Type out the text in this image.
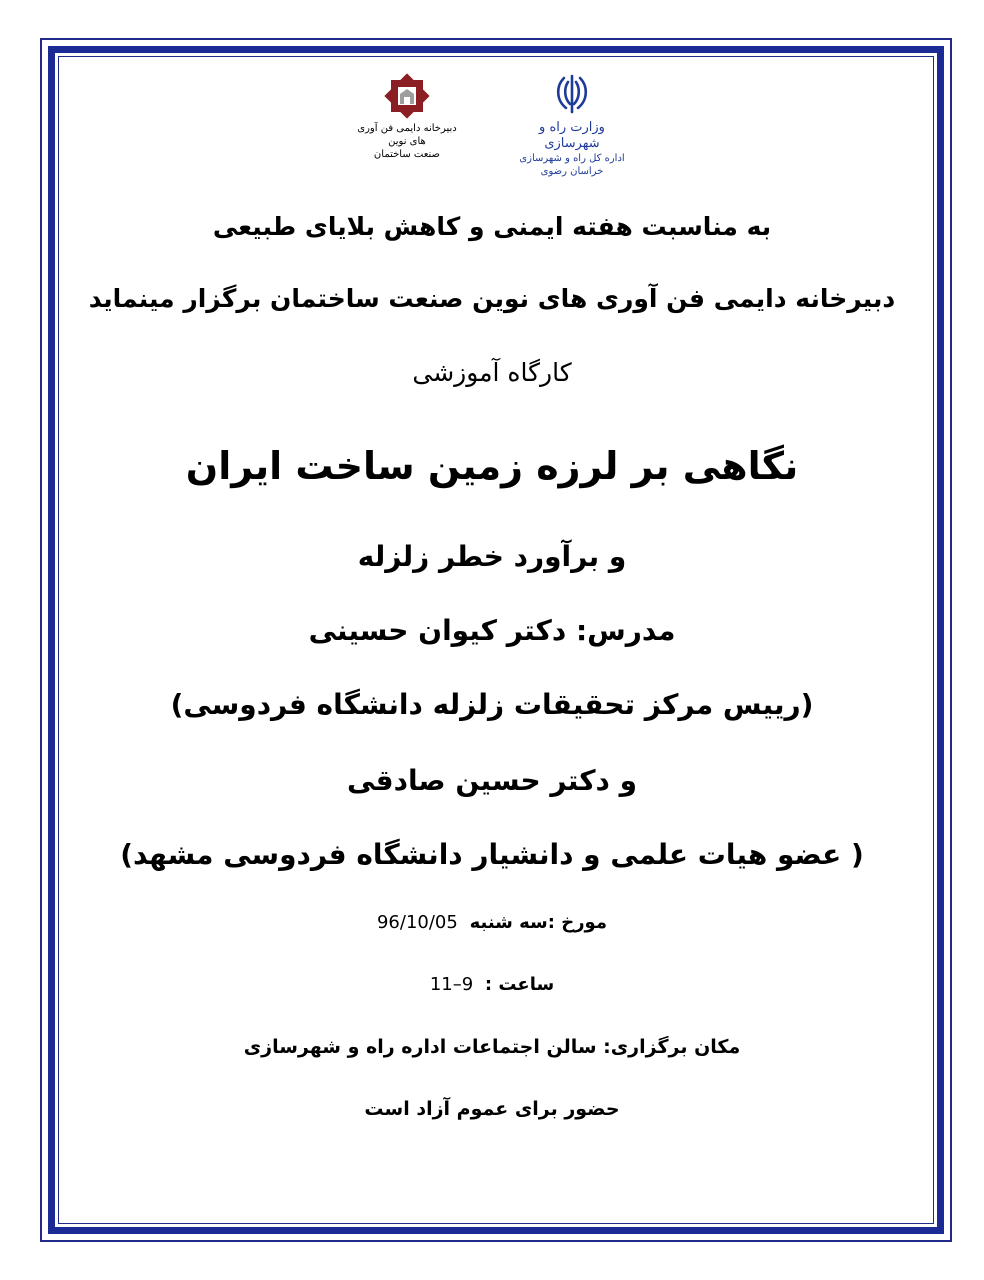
دبیرخانه دایمی فن آوری های نوین
صنعت ساختمان
وزارت راه و شهرسازی
اداره کل راه و شهرسازی خراسان رضوی
به مناسبت هفته ایمنی و کاهش بلایای طبیعی
دبیرخانه دایمی فن آوری های نوین صنعت ساختمان برگزار مینماید
کارگاه آموزشی
نگاهی بر لرزه زمین ساخت ایران
و برآورد خطر زلزله
مدرس: دکتر کیوان حسینی
(رییس مرکز تحقیقات زلزله دانشگاه فردوسی)
و دکتر حسین صادقی
( عضو هیات علمی و دانشیار دانشگاه فردوسی مشهد)
مورخ :سه شنبه 96/10/05
ساعت : 11–9
مکان برگزاری: سالن اجتماعات اداره راه و شهرسازی
حضور برای عموم آزاد است
